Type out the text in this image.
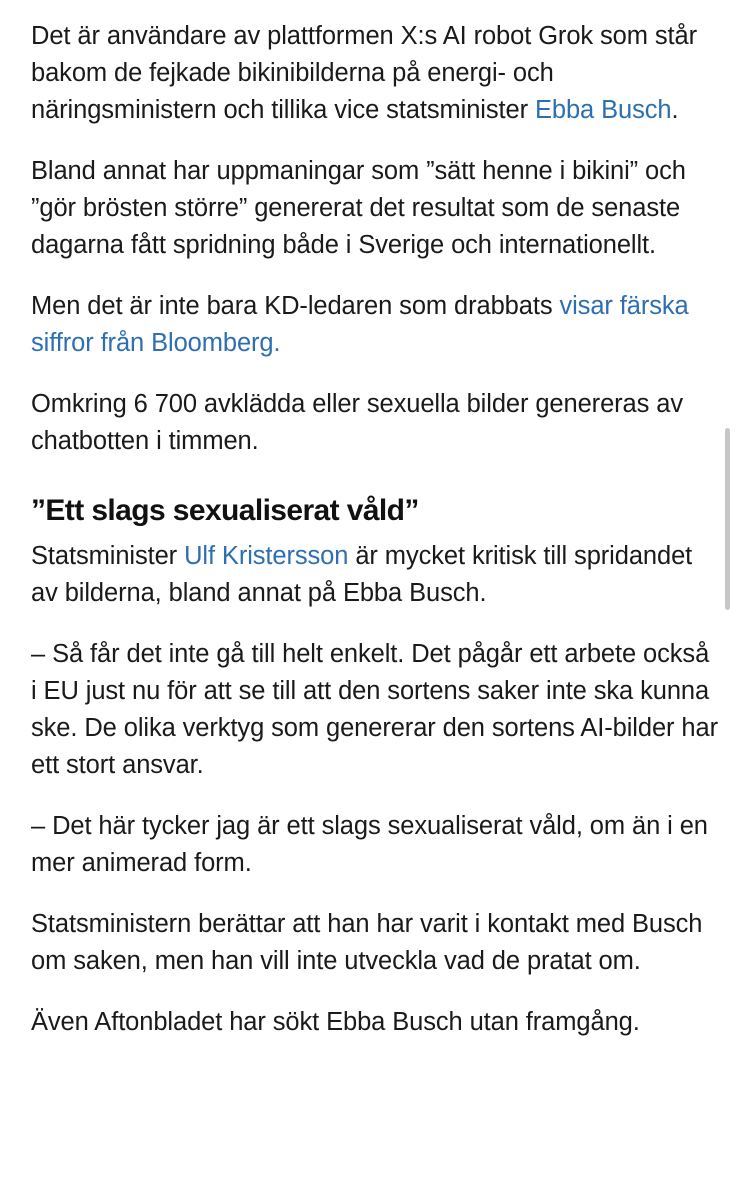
Det är användare av plattformen X:s AI robot Grok som står bakom de fejkade bikinibilderna på energi- och näringsministern och tillika vice statsminister Ebba Busch.

Bland annat har uppmaningar som ”sätt henne i bikini” och ”gör brösten större” genererat det resultat som de senaste dagarna fått spridning både i Sverige och internationellt.

Men det är inte bara KD-ledaren som drabbats visar färska siffror från Bloomberg.

Omkring 6 700 avklädda eller sexuella bilder genereras av chatbotten i timmen.

”Ett slags sexualiserat våld”

Statsminister Ulf Kristersson är mycket kritisk till spridandet av bilderna, bland annat på Ebba Busch.

– Så får det inte gå till helt enkelt. Det pågår ett arbete också i EU just nu för att se till att den sortens saker inte ska kunna ske. De olika verktyg som genererar den sortens AI-bilder har ett stort ansvar.

– Det här tycker jag är ett slags sexualiserat våld, om än i en mer animerad form.

Statsministern berättar att han har varit i kontakt med Busch om saken, men han vill inte utveckla vad de pratat om.

Även Aftonbladet har sökt Ebba Busch utan framgång.
